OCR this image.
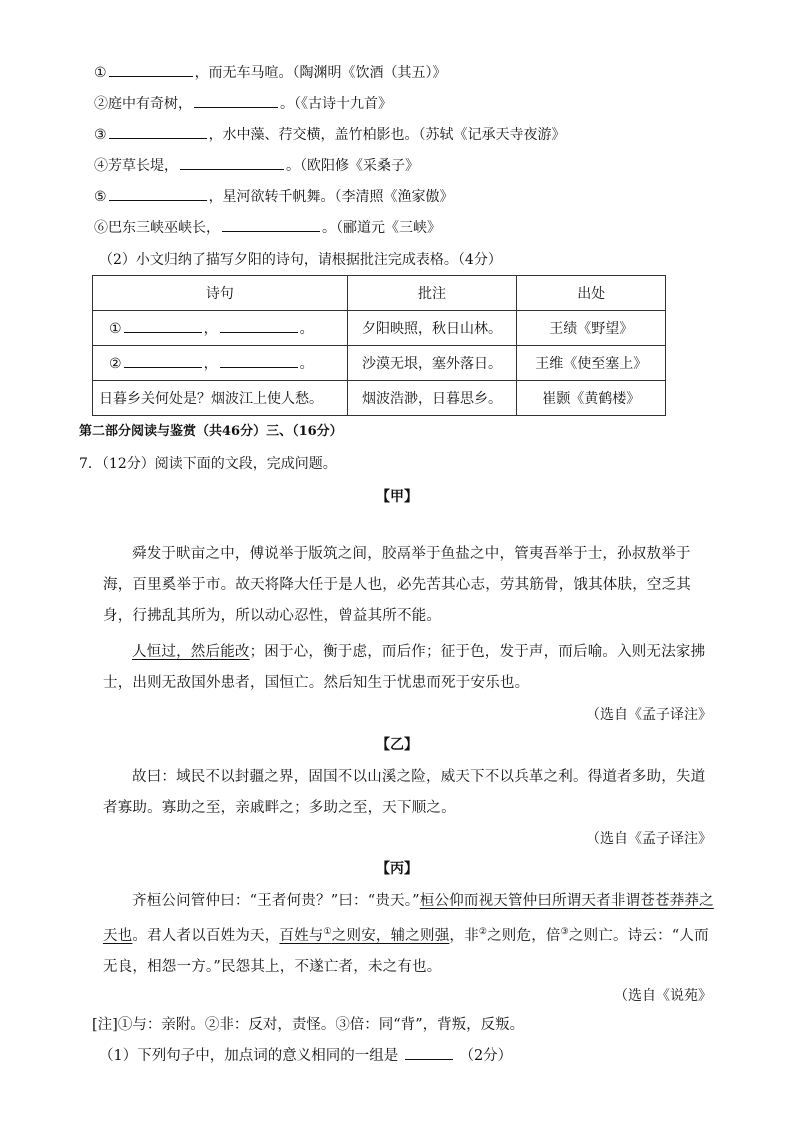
①	，而无车马喧。（陶渊明《饮酒（其五）》
②庭中有奇树，	。（《古诗十九首》
③	，水中藻、荇交横，盖竹柏影也。（苏轼《记承天寺夜游》
④芳草长堤，	。（欧阳修《采桑子》
⑤	，星河欲转千帆舞。（李清照《渔家傲》
⑥巴东三峡巫峡长，	。（郦道元《三峡》
（2）小文归纳了描写夕阳的诗句，请根据批注完成表格。（4分）
诗句	批注	出处
① ， 。	夕阳映照，秋日山林。	王绩《野望》
② ， 。	沙漠无垠，塞外落日。	王维《使至塞上》
日暮乡关何处是？烟波江上使人愁。	烟波浩渺，日暮思乡。	崔颢《黄鹤楼》
第二部分阅读与鉴赏（共46分）三、（16分）
7．（12分）阅读下面的文段，完成问题。
【甲】
舜发于畎亩之中，傅说举于版筑之间，胶鬲举于鱼盐之中，管夷吾举于士，孙叔敖举于海，百里奚举于市。故天将降大任于是人也，必先苦其心志，劳其筋骨，饿其体肤，空乏其身，行拂乱其所为，所以动心忍性，曾益其所不能。
人恒过，然后能改；困于心，衡于虑，而后作；征于色，发于声，而后喻。入则无法家拂士，出则无敌国外患者，国恒亡。然后知生于忧患而死于安乐也。
（选自《孟子译注》
【乙】
故曰：域民不以封疆之界，固国不以山溪之险，威天下不以兵革之利。得道者多助，失道者寡助。寡助之至，亲戚畔之；多助之至，天下顺之。
（选自《孟子译注》
【丙】
齐桓公问管仲曰：“王者何贵？”曰：“贵天。”桓公仰而视天管仲曰所谓天者非谓苍苍莽莽之天也。君人者以百姓为天，百姓与①之则安，辅之则强，非②之则危，倍③之则亡。诗云：“人而无良，相怨一方。”民怨其上，不遂亡者，未之有也。
（选自《说苑》
[注]①与：亲附。②非：反对，责怪。③倍：同“背”，背叛，反叛。
（1）下列句子中，加点词的意义相同的一组是	（2分）
